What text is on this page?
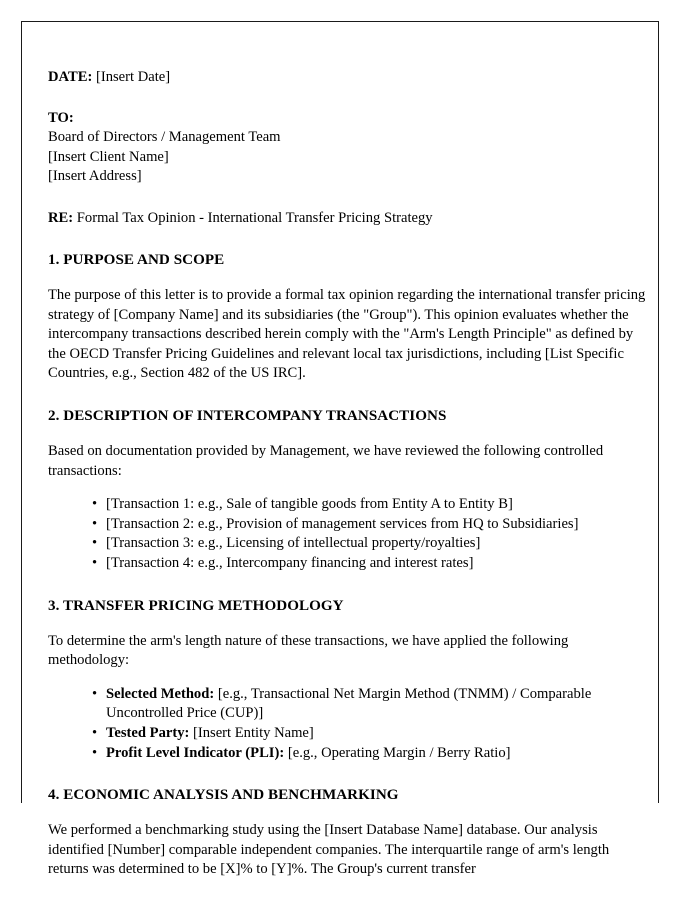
DATE: [Insert Date]
TO:
Board of Directors / Management Team
[Insert Client Name]
[Insert Address]
RE: Formal Tax Opinion - International Transfer Pricing Strategy
1. PURPOSE AND SCOPE

The purpose of this letter is to provide a formal tax opinion regarding the international transfer pricing strategy of [Company Name] and its subsidiaries (the "Group"). This opinion evaluates whether the intercompany transactions described herein comply with the "Arm's Length Principle" as defined by the OECD Transfer Pricing Guidelines and relevant local tax jurisdictions, including [List Specific Countries, e.g., Section 482 of the US IRC].

2. DESCRIPTION OF INTERCOMPANY TRANSACTIONS

Based on documentation provided by Management, we have reviewed the following controlled transactions:

• [Transaction 1: e.g., Sale of tangible goods from Entity A to Entity B]
• [Transaction 2: e.g., Provision of management services from HQ to Subsidiaries]
• [Transaction 3: e.g., Licensing of intellectual property/royalties]
• [Transaction 4: e.g., Intercompany financing and interest rates]
3. TRANSFER PRICING METHODOLOGY

To determine the arm's length nature of these transactions, we have applied the following methodology:

• Selected Method: [e.g., Transactional Net Margin Method (TNMM) / Comparable Uncontrolled Price (CUP)]
• Tested Party: [Insert Entity Name]
• Profit Level Indicator (PLI): [e.g., Operating Margin / Berry Ratio]
4. ECONOMIC ANALYSIS AND BENCHMARKING

We performed a benchmarking study using the [Insert Database Name] database. Our analysis identified [Number] comparable independent companies. The interquartile range of arm's length returns was determined to be [X]% to [Y]%. The Group's current transfer
